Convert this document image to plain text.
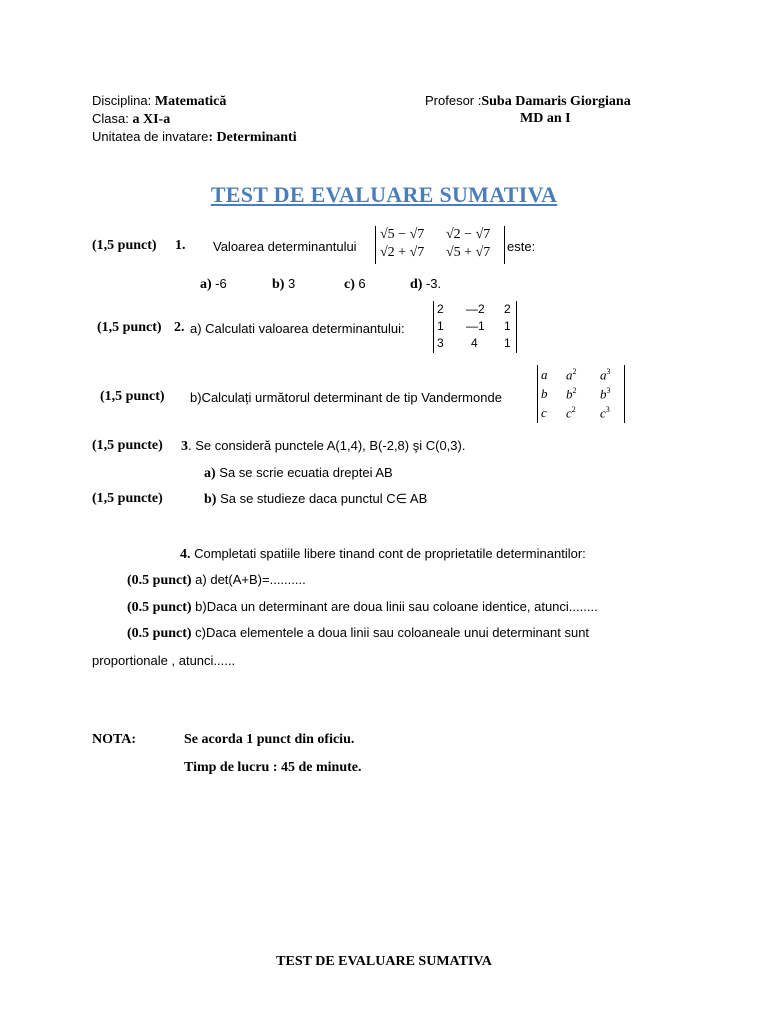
Disciplina: Matematică
Clasa: a XI-a
Unitatea de invatare: Determinanti
Profesor :Suba Damaris Giorgiana
MD an I
TEST DE EVALUARE SUMATIVA
(1,5 punct) 1. Valoarea determinantului
√5 − √7 √2 − √7
√2 + √7 √5 + √7 este:
a) -6	b) 3	c) 6	d) -3.
(1,5 punct) 2. a) Calculati valoarea determinantului:
2 —2 2
1 —1 1
3 4 1
(1,5 punct) b)Calculați următorul determinant de tip Vandermonde
a $a^2$ $a^3$
b $b^2$ $b^3$
c $c^2$ $c^3$
(1,5 puncte) 3. Se consideră punctele A(1,4), B(-2,8) şi C(0,3).
a) Sa se scrie ecuatia dreptei AB
(1,5 puncte)	b) Sa se studieze daca punctul C∈ AB
4. Completati spatiile libere tinand cont de proprietatile determinantilor:
(0.5 punct) a) det(A+B)=..........
(0.5 punct) b)Daca un determinant are doua linii sau coloane identice, atunci........
(0.5 punct) c)Daca elementele a doua linii sau coloaneale unui determinant sunt
proportionale , atunci......
NOTA:	Se acorda 1 punct din oficiu.
Timp de lucru : 45 de minute.
TEST DE EVALUARE SUMATIVA
